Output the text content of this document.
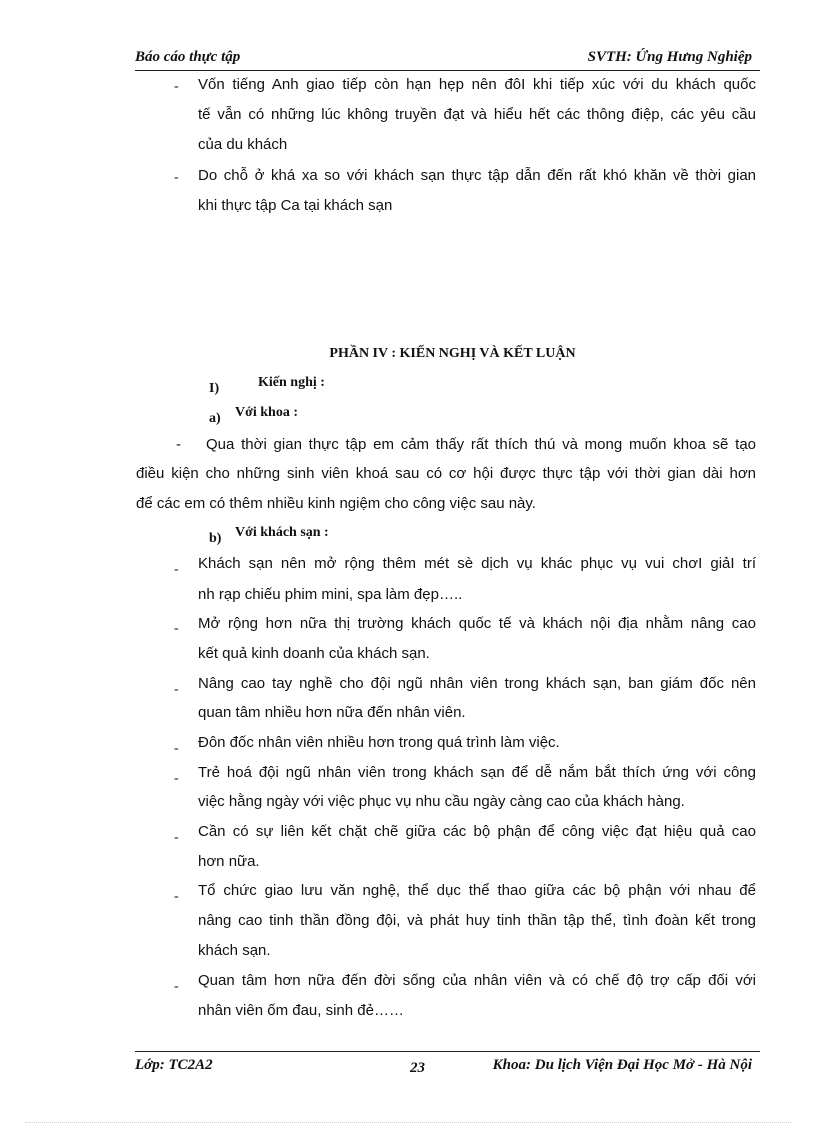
Báo cáo thực tập	SVTH: Ứng Hưng Nghiệp
- Vốn tiếng Anh giao tiếp còn hạn hẹp nên đôI khi tiếp xúc với du khách quốc
tế vẫn có những lúc không truyền đạt và hiểu hết các thông điệp, các yêu cầu
của du khách
- Do chỗ ở khá xa so với khách sạn thực tập dẫn đến rất khó khăn về thời gian
khi thực tập Ca tại khách sạn
PHẦN IV : KIẾN NGHỊ VÀ KẾT LUẬN
I)	Kiến nghị :
a) Với khoa :
- Qua thời gian thực tập em cảm thấy rất thích thú và mong muốn khoa sẽ tạo
điều kiện cho những sinh viên khoá sau có cơ hội được thực tập với thời gian dài hơn
để các em có thêm nhiều kinh ngiệm cho công việc sau này.
b) Với khách sạn :
- Khách sạn nên mở rộng thêm mét sè dịch vụ khác phục vụ vui chơI giảI trí
nh rạp chiếu phim mini, spa làm đẹp…..
- Mở rộng hơn nữa thị trường khách quốc tế và khách nội địa nhằm nâng cao
kết quả kinh doanh của khách sạn.
- Nâng cao tay nghề cho đội ngũ nhân viên trong khách sạn, ban giám đốc nên
quan tâm nhiều hơn nữa đến nhân viên.
- Đôn đốc nhân viên nhiều hơn trong quá trình làm việc.
- Trẻ hoá đội ngũ nhân viên trong khách sạn để dễ nắm bắt thích ứng với công
việc hằng ngày với việc phục vụ nhu cầu ngày càng cao của khách hàng.
- Cần có sự liên kết chặt chẽ giữa các bộ phận để công việc đạt hiệu quả cao
hơn nữa.
- Tổ chức giao lưu văn nghệ, thể dục thể thao giữa các bộ phận với nhau để
nâng cao tinh thần đồng đội, và phát huy tinh thần tập thể, tình đoàn kết trong
khách sạn.
- Quan tâm hơn nữa đến đời sống của nhân viên và có chế độ trợ cấp đối với
nhân viên ốm đau, sinh đẻ……
Lớp: TC2A2	23	Khoa: Du lịch Viện Đại Học Mở - Hà Nội
